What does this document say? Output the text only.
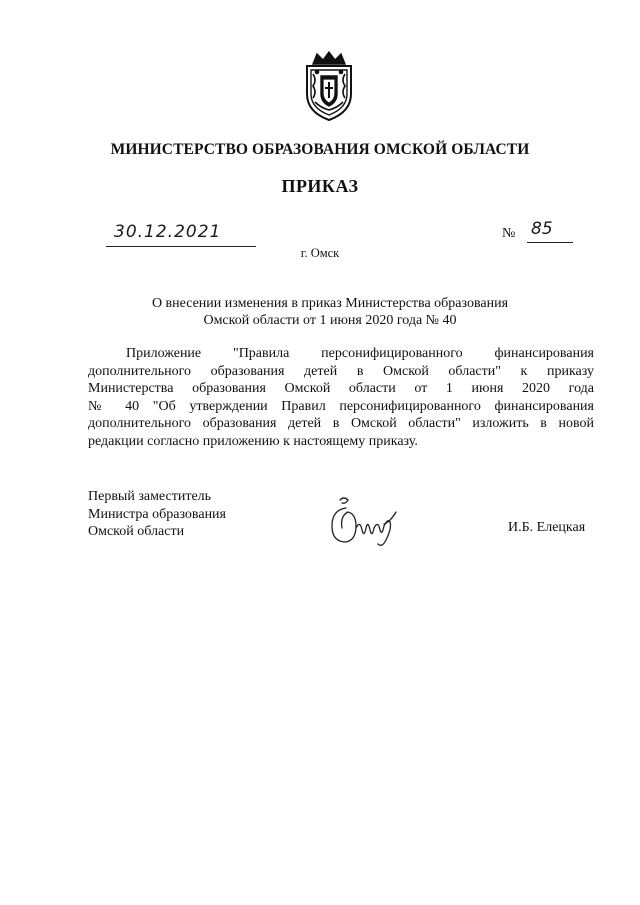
МИНИСТЕРСТВО ОБРАЗОВАНИЯ ОМСКОЙ ОБЛАСТИ
ПРИКАЗ
30.12.2021	№ 85
г. Омск
О внесении изменения в приказ Министерства образования
Омской области от 1 июня 2020 года № 40
Приложение "Правила персонифицированного финансирования
дополнительного образования детей в Омской области" к приказу
Министерства образования Омской области от 1 июня 2020 года
№ 40 "Об утверждении Правил персонифицированного финансирования
дополнительного образования детей в Омской области" изложить в новой
редакции согласно приложению к настоящему приказу.
Первый заместитель
Министра образования
Омской области	И.Б. Елецкая
